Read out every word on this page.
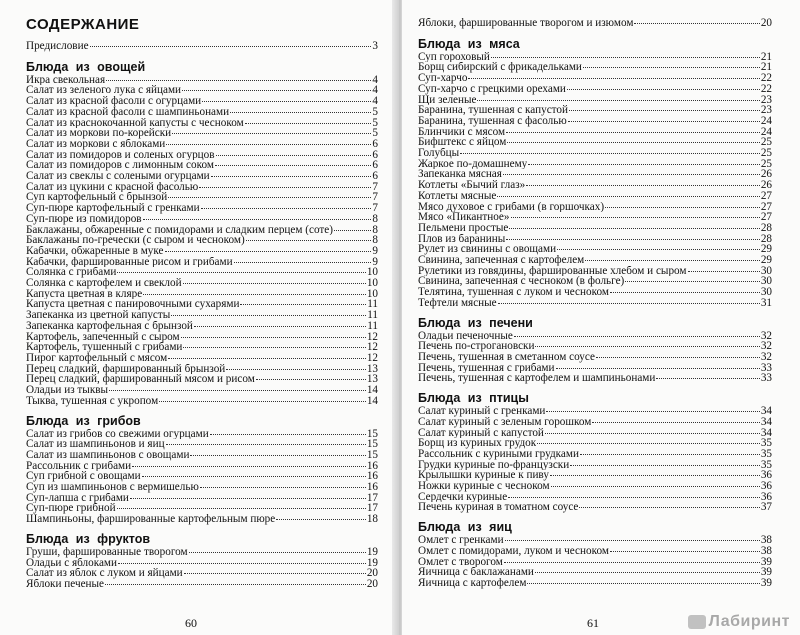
СОДЕРЖАНИЕ
Предисловие	3
Блюда из овощей
Икра свекольная	4
Салат из зеленого лука с яйцами	4
Салат из красной фасоли с огурцами	4
Салат из красной фасоли с шампиньонами	5
Салат из краснокочанной капусты с чесноком	5
Салат из моркови по-корейски	5
Салат из моркови с яблоками	6
Салат из помидоров и соленых огурцов	6
Салат из помидоров с лимонным соком	6
Салат из свеклы с солеными огурцами	6
Салат из цукини с красной фасолью	7
Суп картофельный с брынзой	7
Суп-пюре картофельный с гренками	7
Суп-пюре из помидоров	8
Баклажаны, обжаренные с помидорами и сладким перцем (соте)	8
Баклажаны по-гречески (с сыром и чесноком)	8
Кабачки, обжаренные в муке	9
Кабачки, фаршированные рисом и грибами	9
Солянка с грибами	10
Солянка с картофелем и свеклой	10
Капуста цветная в кляре	10
Капуста цветная с панировочными сухарями	11
Запеканка из цветной капусты	11
Запеканка картофельная с брынзой	11
Картофель, запеченный с сыром	12
Картофель, тушенный с грибами	12
Пирог картофельный с мясом	12
Перец сладкий, фаршированный брынзой	13
Перец сладкий, фаршированный мясом и рисом	13
Оладьи из тыквы	14
Тыква, тушенная с укропом	14
Блюда из грибов
Салат из грибов со свежими огурцами	15
Салат из шампиньонов и яиц	15
Салат из шампиньонов с овощами	15
Рассольник с грибами	16
Суп грибной с овощами	16
Суп из шампиньонов с вермишелью	16
Суп-лапша с грибами	17
Суп-пюре грибной	17
Шампиньоны, фаршированные картофельным пюре	18
Блюда из фруктов
Груши, фаршированные творогом	19
Оладьи с яблоками	19
Салат из яблок с луком и яйцами	20
Яблоки печеные	20
60
Яблоки, фаршированные творогом и изюмом	20
Блюда из мяса
Суп гороховый	21
Борщ сибирский с фрикадельками	21
Суп-харчо	22
Суп-харчо с грецкими орехами	22
Щи зеленые	23
Баранина, тушенная с капустой	23
Баранина, тушенная с фасолью	24
Блинчики с мясом	24
Бифштекс с яйцом	25
Голубцы	25
Жаркое по-домашнему	25
Запеканка мясная	26
Котлеты «Бычий глаз»	26
Котлеты мясные	27
Мясо духовое с грибами (в горшочках)	27
Мясо «Пикантное»	27
Пельмени простые	28
Плов из баранины	28
Рулет из свинины с овощами	29
Свинина, запеченная с картофелем	29
Рулетики из говядины, фаршированные хлебом и сыром	30
Свинина, запеченная с чесноком (в фольге)	30
Телятина, тушенная с луком и чесноком	30
Тефтели мясные	31
Блюда из печени
Оладьи печеночные	32
Печень по-строгановски	32
Печень, тушенная в сметанном соусе	32
Печень, тушенная с грибами	33
Печень, тушенная с картофелем и шампиньонами	33
Блюда из птицы
Салат куриный с гренками	34
Салат куриный с зеленым горошком	34
Салат куриный с капустой	34
Борщ из куриных грудок	35
Рассольник с куриными грудками	35
Грудки куриные по-французски	35
Крылышки куриные к пиву	36
Ножки куриные с чесноком	36
Сердечки куриные	36
Печень куриная в томатном соусе	37
Блюда из яиц
Омлет с гренками	38
Омлет с помидорами, луком и чесноком	38
Омлет с творогом	39
Яичница с баклажанами	39
Яичница с картофелем	39
61	Лабиринт
